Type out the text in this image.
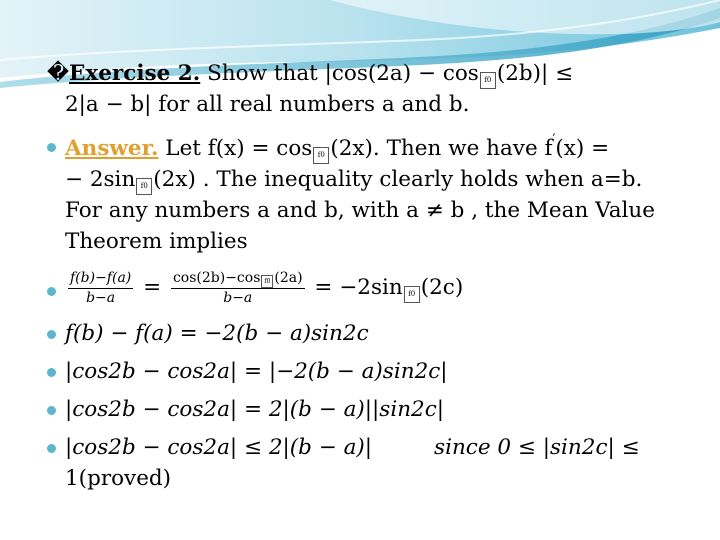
�Exercise 2. Show that |cos(2a) − cos f0 (2b)| ≤
2|a − b| for all real numbers a and b.
Answer. Let f(x) = cos f0 (2x). Then we have f′(x) =
− 2sin f0 (2x) . The inequality clearly holds when a=b.
For any numbers a and b, with a ≠ b , the Mean Value
Theorem implies
$\frac{f(b)-f(a)}{b-a} = \frac{\text{cos(2b)−cos f0 (2a)}}{b-a} = -2\sin$ f0 (2c)
f(b) − f(a) = −2(b − a)sin2c
|cos2b − cos2a| = |−2(b − a)sin2c|
|cos2b − cos2a| = 2|(b − a)||sin2c|
|cos2b − cos2a| ≤ 2|(b − a)|	since 0 ≤ |sin2c| ≤
1(proved)
